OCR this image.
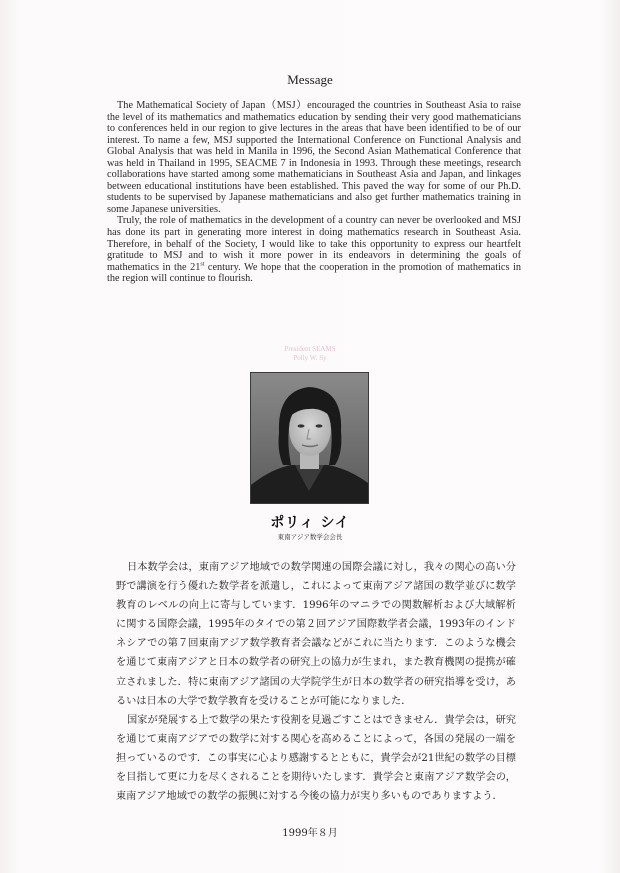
Message

The Mathematical Society of Japan（MSJ）encouraged the countries in Southeast Asia to raise the level of its mathematics and mathematics education by sending their very good mathematicians to conferences held in our region to give lectures in the areas that have been identified to be of our interest. To name a few, MSJ supported the International Conference on Functional Analysis and Global Analysis that was held in Manila in 1996, the Second Asian Mathematical Conference that was held in Thailand in 1995, SEACME 7 in Indonesia in 1993. Through these meetings, research collaborations have started among some mathematicians in Southeast Asia and Japan, and linkages between educational institutions have been established. This paved the way for some of our Ph.D. students to be supervised by Japanese mathematicians and also get further mathematics training in some Japanese universities.

Truly, the role of mathematics in the development of a country can never be overlooked and MSJ has done its part in generating more interest in doing mathematics research in Southeast Asia. Therefore, in behalf of the Society, I would like to take this opportunity to express our heartfelt gratitude to MSJ and to wish it more power in its endeavors in determining the goals of mathematics in the 21st century. We hope that the cooperation in the promotion of mathematics in the region will continue to flourish.

President SEAMS
Polly W. Sy
ポリィ シイ
東南アジア数学会会長

日本数学会は，東南アジア地域での数学関連の国際会議に対し，我々の関心の高い分野で講演を行う優れた数学者を派遣し，これによって東南アジア諸国の数学並びに数学教育のレベルの向上に寄与しています．1996年のマニラでの関数解析および大域解析に関する国際会議，1995年のタイでの第２回アジア国際数学者会議，1993年のインドネシアでの第７回東南アジア数学教育者会議などがこれに当たります．このような機会を通じて東南アジアと日本の数学者の研究上の協力が生まれ，また教育機関の提携が確立されました．特に東南アジア諸国の大学院学生が日本の数学者の研究指導を受け，あるいは日本の大学で数学教育を受けることが可能になりました．

国家が発展する上で数学の果たす役割を見過ごすことはできません．貴学会は，研究を通じて東南アジアでの数学に対する関心を高めることによって，各国の発展の一端を担っているのです．この事実に心より感謝するとともに，貴学会が21世紀の数学の目標を目指して更に力を尽くされることを期待いたします．貴学会と東南アジア数学会の，東南アジア地域での数学の振興に対する今後の協力が実り多いものでありますよう．

1999年８月
